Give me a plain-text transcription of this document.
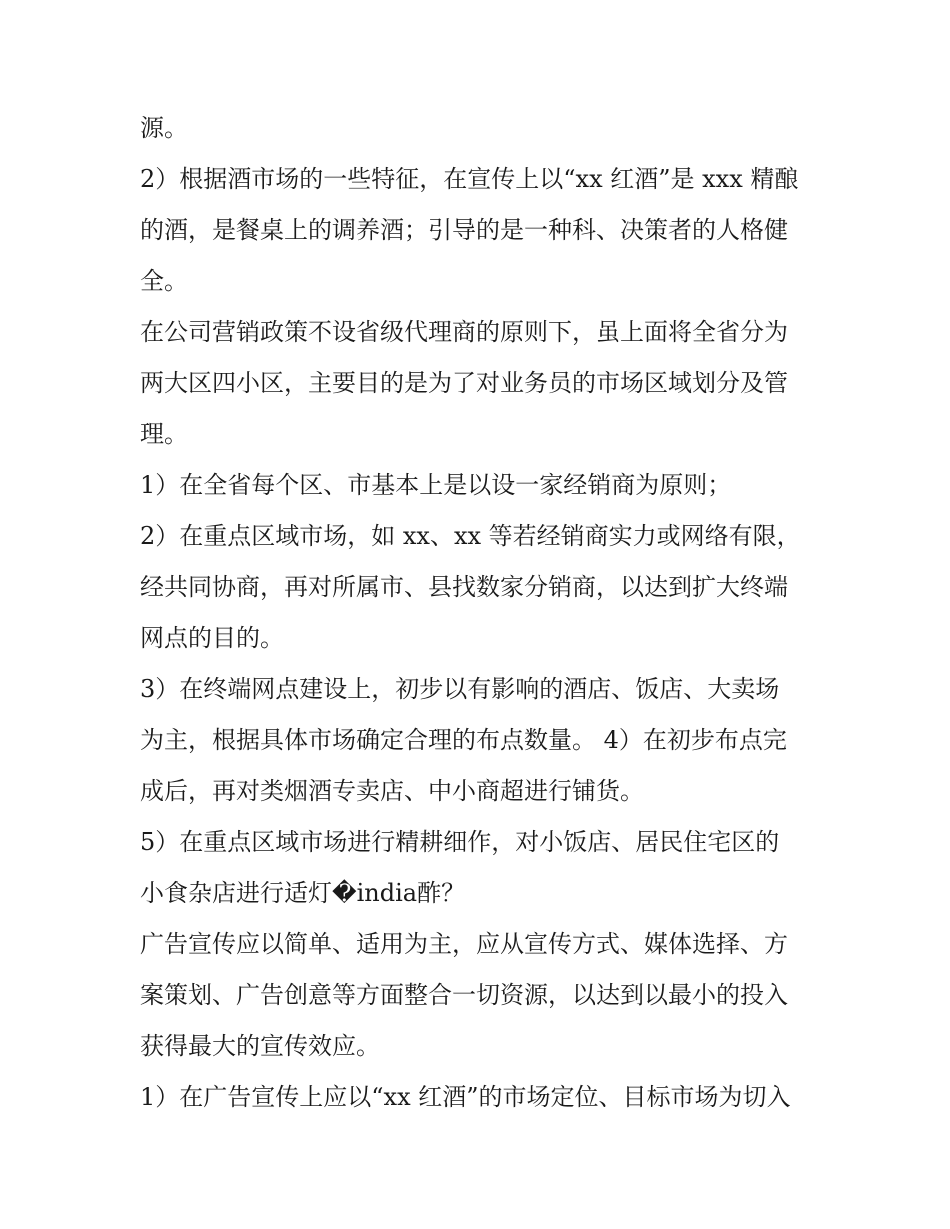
源。
2）根据酒市场的一些特征，在宣传上以“xx 红酒”是 xxx 精酿
的酒，是餐桌上的调养酒；引导的是一种科、决策者的人格健
全。
在公司营销政策不设省级代理商的原则下，虽上面将全省分为
两大区四小区，主要目的是为了对业务员的市场区域划分及管
理。
1）在全省每个区、市基本上是以设一家经销商为原则；
2）在重点区域市场，如 xx、xx 等若经销商实力或网络有限，
经共同协商，再对所属市、县找数家分销商，以达到扩大终端
网点的目的。
3）在终端网点建设上，初步以有影响的酒店、饭店、大卖场
为主，根据具体市场确定合理的布点数量。 4）在初步布点完
成后，再对类烟酒专卖店、中小商超进行铺货。
5）在重点区域市场进行精耕细作，对小饭店、居民住宅区的
小食杂店进行适灯�india酢？
广告宣传应以简单、适用为主，应从宣传方式、媒体选择、方
案策划、广告创意等方面整合一切资源，以达到以最小的投入
获得最大的宣传效应。
1）在广告宣传上应以“xx 红酒”的市场定位、目标市场为切入
